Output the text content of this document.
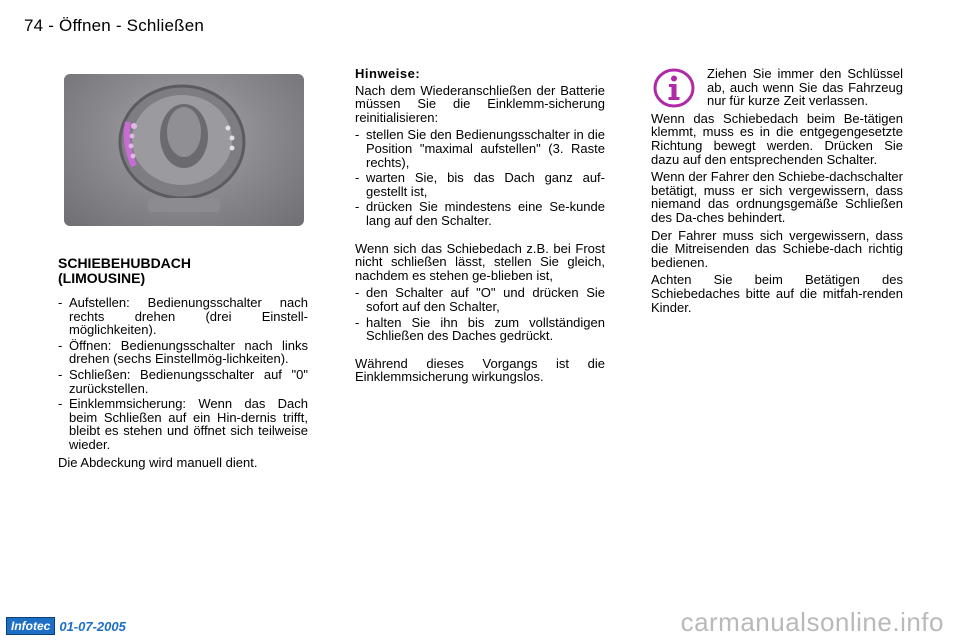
74 - Öffnen - Schließen
SCHIEBEHUBDACH
(LIMOUSINE)
- Aufstellen: Bedienungsschalter nach rechts drehen (drei Einstell-möglichkeiten).
- Öffnen: Bedienungsschalter nach links drehen (sechs Einstellmög-lichkeiten).
- Schließen: Bedienungsschalter auf "0" zurückstellen.
- Einklemmsicherung: Wenn das Dach beim Schließen auf ein Hin-dernis trifft, bleibt es stehen und öffnet sich teilweise wieder.

Die Abdeckung wird manuell dient.

Hinweise:

Nach dem Wiederanschließen der Batterie müssen Sie die Einklemm-sicherung reinitialisieren:

- stellen Sie den Bedienungsschalter in die Position "maximal aufstellen" (3. Raste rechts),
- warten Sie, bis das Dach ganz auf-gestellt ist,
- drücken Sie mindestens eine Se-kunde lang auf den Schalter.

Wenn sich das Schiebedach z.B. bei Frost nicht schließen lässt, stellen Sie gleich, nachdem es stehen ge-blieben ist,

- den Schalter auf "O" und drücken Sie sofort auf den Schalter,
- halten Sie ihn bis zum vollständigen Schließen des Daches gedrückt.

Während dieses Vorgangs ist die Einklemmsicherung wirkungslos.

Ziehen Sie immer den Schlüssel ab, auch wenn Sie das Fahrzeug nur für kurze Zeit verlassen.

Wenn das Schiebedach beim Be-tätigen klemmt, muss es in die entgegengesetzte Richtung bewegt werden. Drücken Sie dazu auf den entsprechenden Schalter.

Wenn der Fahrer den Schiebe-dachschalter betätigt, muss er sich vergewissern, dass niemand das ordnungsgemäße Schließen des Da-ches behindert.

Der Fahrer muss sich vergewissern, dass die Mitreisenden das Schiebe-dach richtig bedienen.

Achten Sie beim Betätigen des Schiebedaches bitte auf die mitfah-renden Kinder.

Infotec 01-07-2005	carmanualsonline.info
